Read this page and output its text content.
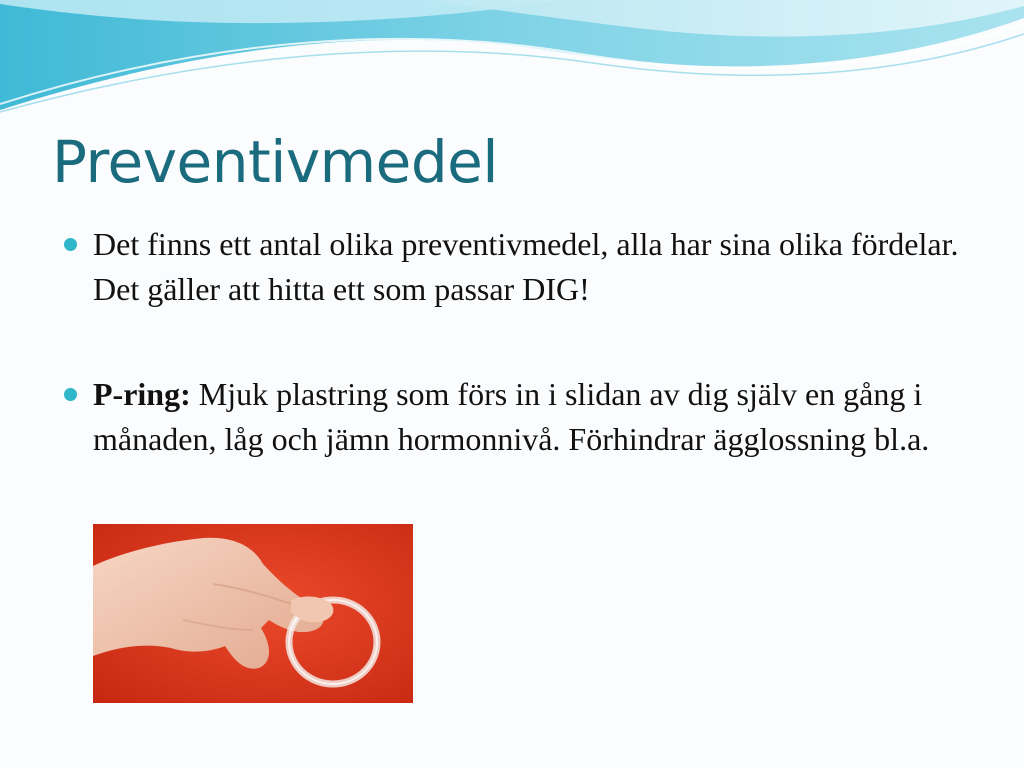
Preventivmedel
Det finns ett antal olika preventivmedel, alla har sina olika fördelar. Det gäller att hitta ett som passar DIG!
P-ring: Mjuk plastring som förs in i slidan av dig själv en gång i månaden, låg och jämn hormonnivå. Förhindrar ägglossning bl.a.
